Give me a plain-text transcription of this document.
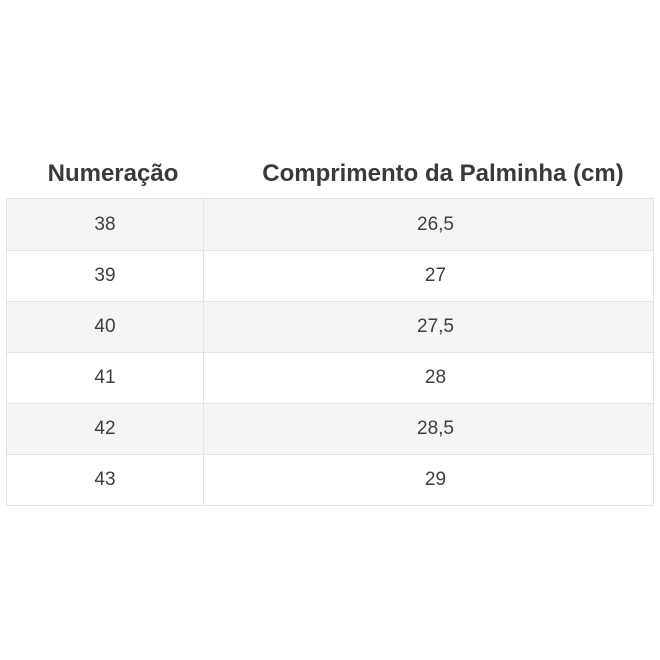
Numeração	Comprimento da Palminha (cm)
38	26,5
39	27
40	27,5
41	28
42	28,5
43	29
